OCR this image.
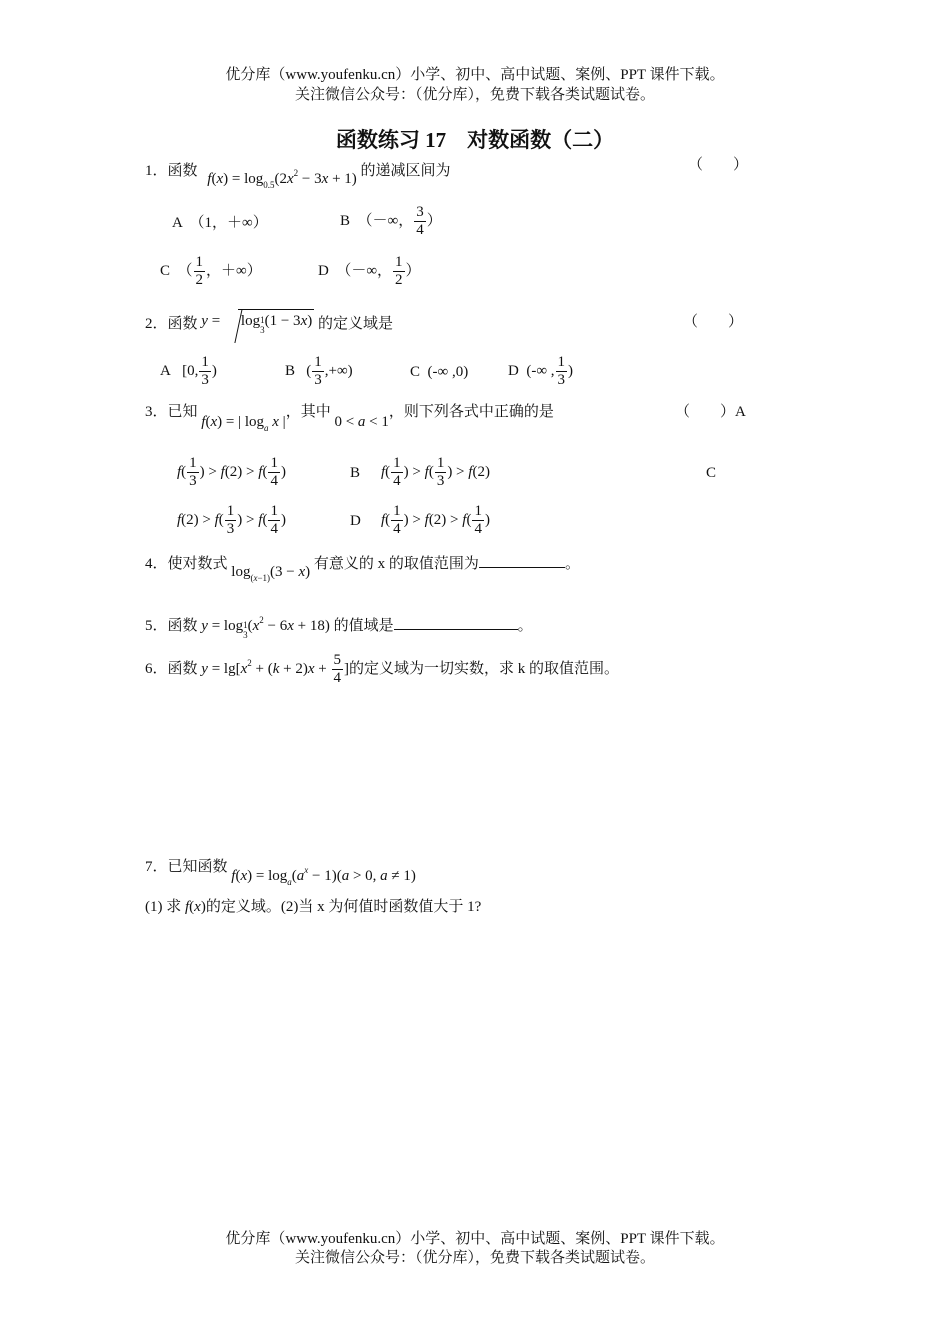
优分库（www.youfenku.cn）小学、初中、高中试题、案例、PPT 课件下载。
关注微信公众号：（优分库），免费下载各类试题试卷。
函数练习 17　对数函数（二）
1．函数 $f(x) = \log_{0.5}(2x^2 - 3x + 1)$ 的递减区间为	（　　）
A　（1，＋∞）	B　（－∞， $\frac{3}{4}$ ）
C　（ $\frac{1}{2}$ ，＋∞）	D　（－∞， $\frac{1}{2}$ ）
2．函数 y = log1
3(1 − 3x) 的定义域是	（　　）
A   [0, $\frac{1}{3}$ )	B   ( $\frac{1}{3}$ ,+∞)	C  (-∞ ,0)	D  (-∞ , $\frac{1}{3}$ )
3．已知 f(x) = | $\log_a x$ |，其中 0 < a < 1，则下列各式中正确的是	（　　）A
$f( \frac{1}{3}$ ) > $f(2) > f( \frac{1}{4}$ )	B $f( \frac{1}{4}$ ) > $f( \frac{1}{3}$ ) > f(2)	C
$f(2) > f( \frac{1}{3}$ ) > $f( \frac{1}{4}$ )	D $f( \frac{1}{4}$ ) > $f(2) > f( \frac{1}{4}$ )
4．使对数式 $\log_{(x-1)}(3 - x)$ 有意义的 x 的取值范围为	。
5．函数 y = log1
$3(x^2 - 6x + 18)$ 的值域是	。
6．函数 $y = \lg[x^2 + (k + 2)x + \frac{5}{4}$ ]的定义域为一切实数，求 k 的取值范围。
7．已知函数 $f(x) = \log_a(a^x - 1)(a > 0$, a ≠ 1)
(1) 求 f(x)的定义域。(2)当 x 为何值时函数值大于 1?
优分库（www.youfenku.cn）小学、初中、高中试题、案例、PPT 课件下载。
关注微信公众号：（优分库），免费下载各类试题试卷。
